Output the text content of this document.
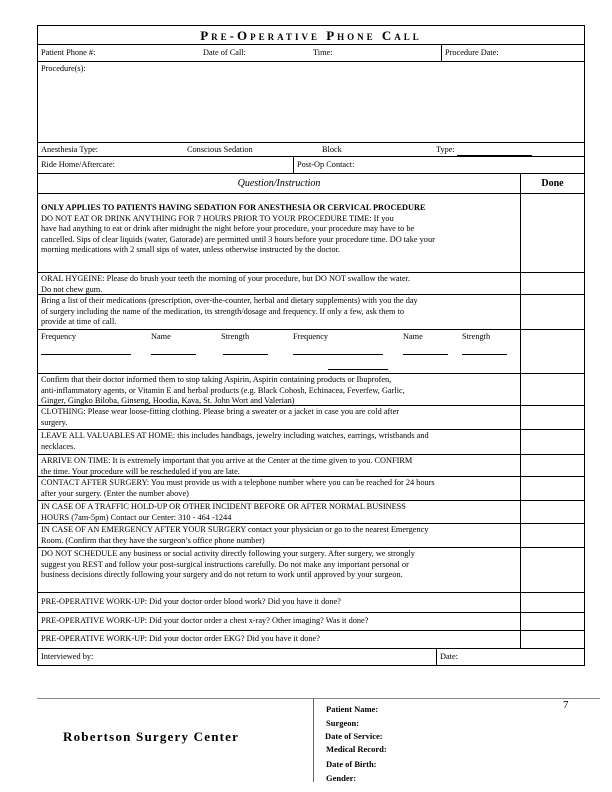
Pre-Operative Phone Call
Patient Phone #:	Date of Call:	Time:	Procedure Date:
Procedure(s):
Anesthesia Type:	Conscious Sedation	Block	Type:
Ride Home/Aftercare:	Post-Op Contact:
Question/Instruction	Done
ONLY APPLIES TO PATIENTS HAVING SEDATION FOR ANESTHESIA OR CERVICAL PROCEDURE
DO NOT EAT OR DRINK ANYTHING FOR 7 HOURS PRIOR TO YOUR PROCEDURE TIME: If you
have had anything to eat or drink after midnight the night before your procedure, your procedure may have to be
cancelled. Sips of clear liquids (water, Gatorade) are permitted until 3 hours before your procedure time. DO take your
morning medications with 2 small sips of water, unless otherwise instructed by the doctor.
ORAL HYGEINE: Please do brush your teeth the morning of your procedure, but DO NOT swallow the water.
Do not chew gum.
Bring a list of their medications (prescription, over-the-counter, herbal and dietary supplements) with you the day
of surgery including the name of the medication, its strength/dosage and frequency. If only a few, ask them to
provide at time of call.
Frequency	Name	Strength	Frequency	Name	Strength
Confirm that their doctor informed them to stop taking Aspirin, Aspirin containing products or Ibuprofen,
anti-inflammatory agents, or Vitamin E and herbal products (e.g. Black Cohosh, Echinacea, Feverfew, Garlic,
Ginger, Gingko Biloba, Ginseng, Hoodia, Kava, St. John Wort and Valerian)
CLOTHING: Please wear loose-fitting clothing. Please bring a sweater or a jacket in case you are cold after
surgery.
LEAVE ALL VALUABLES AT HOME: this includes handbags, jewelry including watches, earrings, wristbands and
necklaces.
ARRIVE ON TIME: It is extremely important that you arrive at the Center at the time given to you. CONFIRM
the time. Your procedure will be rescheduled if you are late.
CONTACT AFTER SURGERY: You must provide us with a telephone number where you can be reached for 24 hours
after your surgery. (Enter the number above)
IN CASE OF A TRAFFIC HOLD-UP OR OTHER INCIDENT BEFORE OR AFTER NORMAL BUSINESS
HOURS (7am-5pm) Contact our Center: 310 - 464 -1244
IN CASE OF AN EMERGENCY AFTER YOUR SURGERY contact your physician or go to the nearest Emergency
Room. (Confirm that they have the surgeon’s office phone number)
DO NOT SCHEDULE any business or social activity directly following your surgery. After surgery, we strongly
suggest you REST and follow your post-surgical instructions carefully. Do not make any important personal or
business decisions directly following your surgery and do not return to work until approved by your surgeon.
PRE-OPERATIVE WORK-UP: Did your doctor order blood work? Did you have it done?
PRE-OPERATIVE WORK-UP: Did your doctor order a chest x-ray? Other imaging? Was it done?
PRE-OPERATIVE WORK-UP: Did your doctor order EKG? Did you have it done?
Interviewed by:	Date:
Robertson Surgery Center
7
Patient Name:
Surgeon:
Date of Service:
Medical Record:
Date of Birth:
Gender:
